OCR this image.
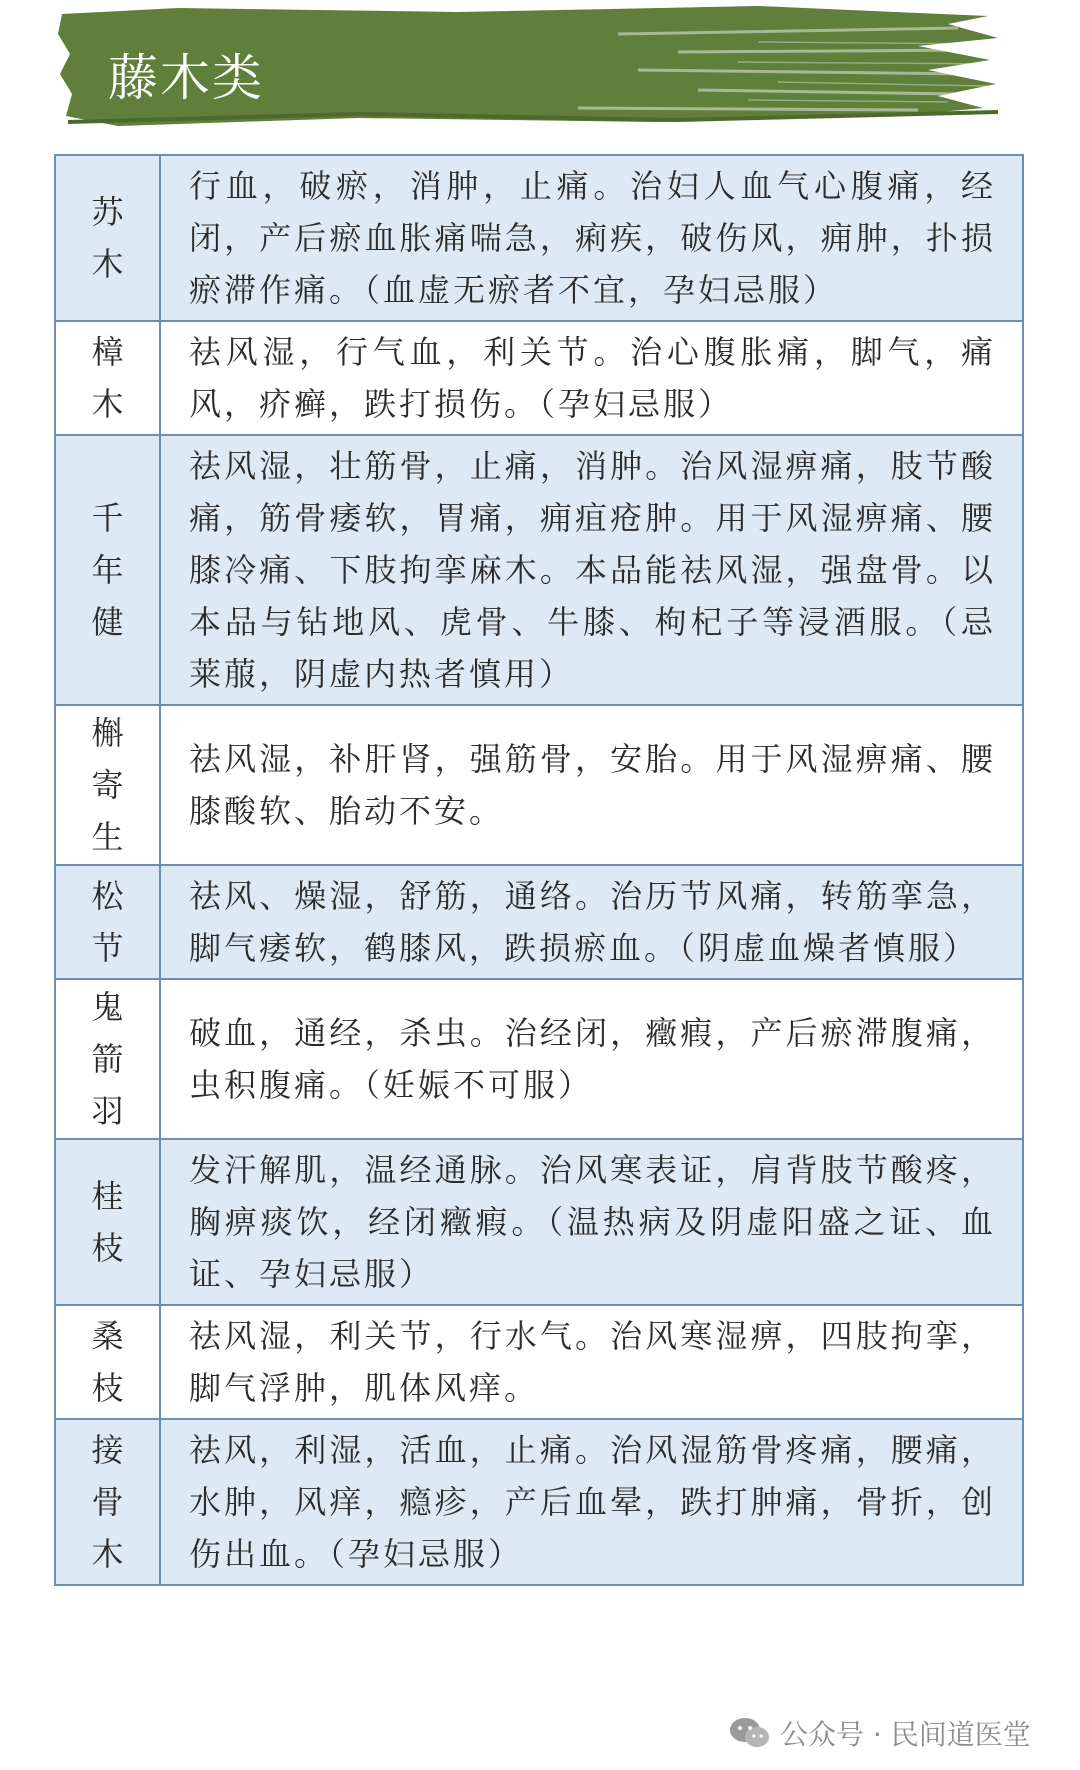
藤木类
苏木	行血，破瘀，消肿，止痛。治妇人血气心腹痛，经闭，产后瘀血胀痛喘急，痢疾，破伤风，痈肿，扑损瘀滞作痛。（血虚无瘀者不宜，孕妇忌服）

樟木	祛风湿，行气血，利关节。治心腹胀痛，脚气，痛风，疥癣，跌打损伤。（孕妇忌服）

千年健	祛风湿，壮筋骨，止痛，消肿。治风湿痹痛，肢节酸痛，筋骨痿软，胃痛，痈疽疮肿。用于风湿痹痛、腰膝冷痛、下肢拘挛麻木。本品能祛风湿，强盘骨。以本品与钻地风、虎骨、牛膝、枸杞子等浸酒服。（忌莱菔，阴虚内热者慎用）

槲寄生	祛风湿，补肝肾，强筋骨，安胎。用于风湿痹痛、腰膝酸软、胎动不安。

松节	祛风、燥湿，舒筋，通络。治历节风痛，转筋挛急，脚气痿软，鹤膝风，跌损瘀血。（阴虚血燥者慎服）

鬼箭羽	破血，通经，杀虫。治经闭，癥瘕，产后瘀滞腹痛，虫积腹痛。（妊娠不可服）

桂枝	发汗解肌，温经通脉。治风寒表证，肩背肢节酸疼，胸痹痰饮，经闭癥瘕。（温热病及阴虚阳盛之证、血证、孕妇忌服）

桑枝	祛风湿，利关节，行水气。治风寒湿痹，四肢拘挛，脚气浮肿，肌体风痒。

接骨木	祛风，利湿，活血，止痛。治风湿筋骨疼痛，腰痛，水肿，风痒，瘾疹，产后血晕，跌打肿痛，骨折，创伤出血。（孕妇忌服）
公众号 · 民间道医堂
